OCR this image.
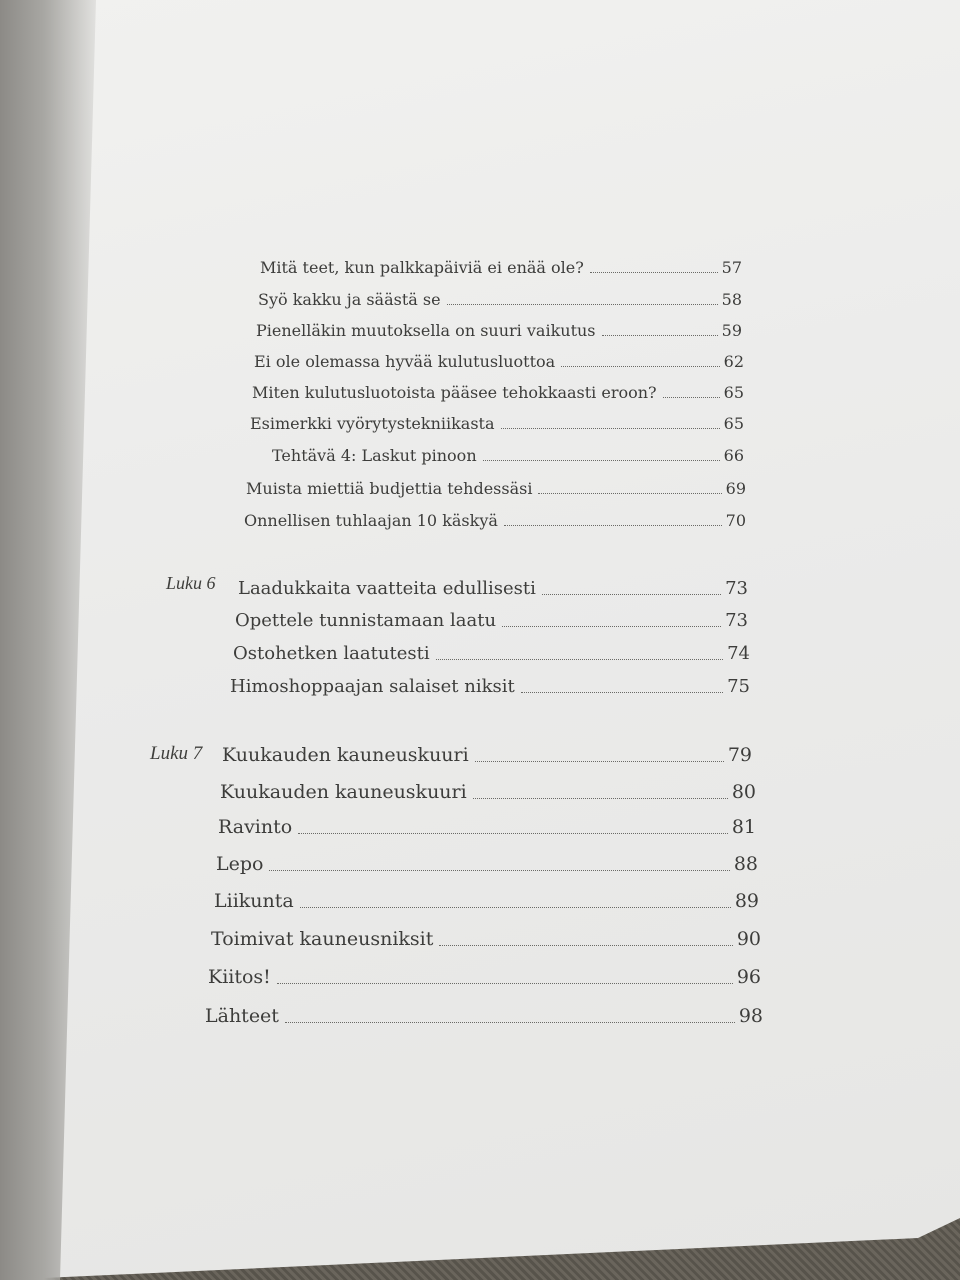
Mitä teet, kun palkkapäiviä ei enää ole?	57
Syö kakku ja säästä se	58
Pienelläkin muutoksella on suuri vaikutus	59
Ei ole olemassa hyvää kulutusluottoa	62
Miten kulutusluotoista pääsee tehokkaasti eroon?	65
Esimerkki vyörytystekniikasta	65
Tehtävä 4: Laskut pinoon	66
Muista miettiä budjettia tehdessäsi	69
Onnellisen tuhlaajan 10 käskyä	70
Luku 6 Laadukkaita vaatteita edullisesti	73
Opettele tunnistamaan laatu	73
Ostohetken laatutesti	74
Himoshoppaajan salaiset niksit	75
Luku 7 Kuukauden kauneuskuuri	79
Kuukauden kauneuskuuri	80
Ravinto	81
Lepo	88
Liikunta	89
Toimivat kauneusniksit	90
Kiitos!	96
Lähteet	98
